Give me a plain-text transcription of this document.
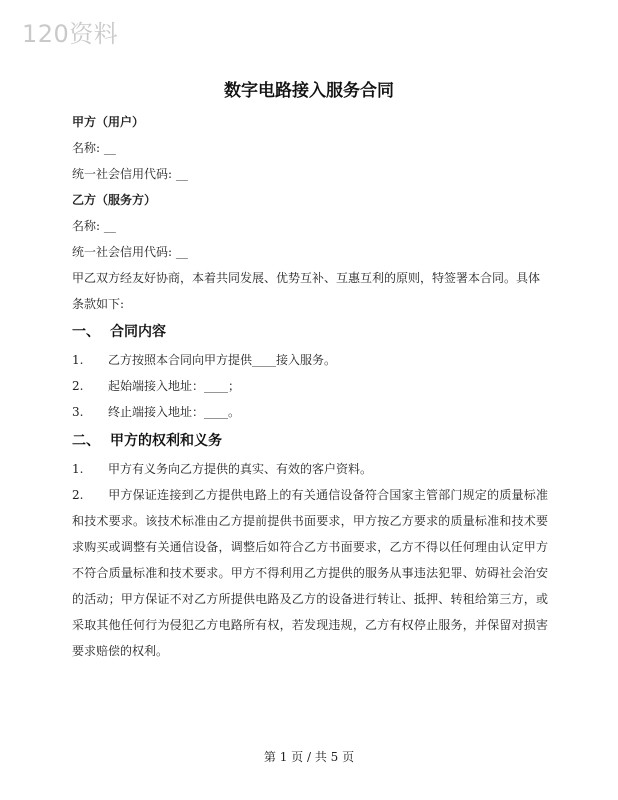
120资料
数字电路接入服务合同
甲方（用户）
名称: __
统一社会信用代码: __
乙方（服务方）
名称: __
统一社会信用代码: __
甲乙双方经友好协商，本着共同发展、优势互补、互惠互利的原则，特签署本合同。具体
条款如下:
一、 合同内容
1. 乙方按照本合同向甲方提供____接入服务。
2. 起始端接入地址：____；
3. 终止端接入地址：____。
二、 甲方的权利和义务
1. 甲方有义务向乙方提供的真实、有效的客户资料。
2. 甲方保证连接到乙方提供电路上的有关通信设备符合国家主管部门规定的质量标准和技术要求。该技术标准由乙方提前提供书面要求，甲方按乙方要求的质量标准和技术要求购买或调整有关通信设备，调整后如符合乙方书面要求，乙方不得以任何理由认定甲方不符合质量标准和技术要求。甲方不得利用乙方提供的服务从事违法犯罪、妨碍社会治安的活动；甲方保证不对乙方所提供电路及乙方的设备进行转让、抵押、转租给第三方，或采取其他任何行为侵犯乙方电路所有权，若发现违规，乙方有权停止服务，并保留对损害要求赔偿的权利。
第 1 页 / 共 5 页
